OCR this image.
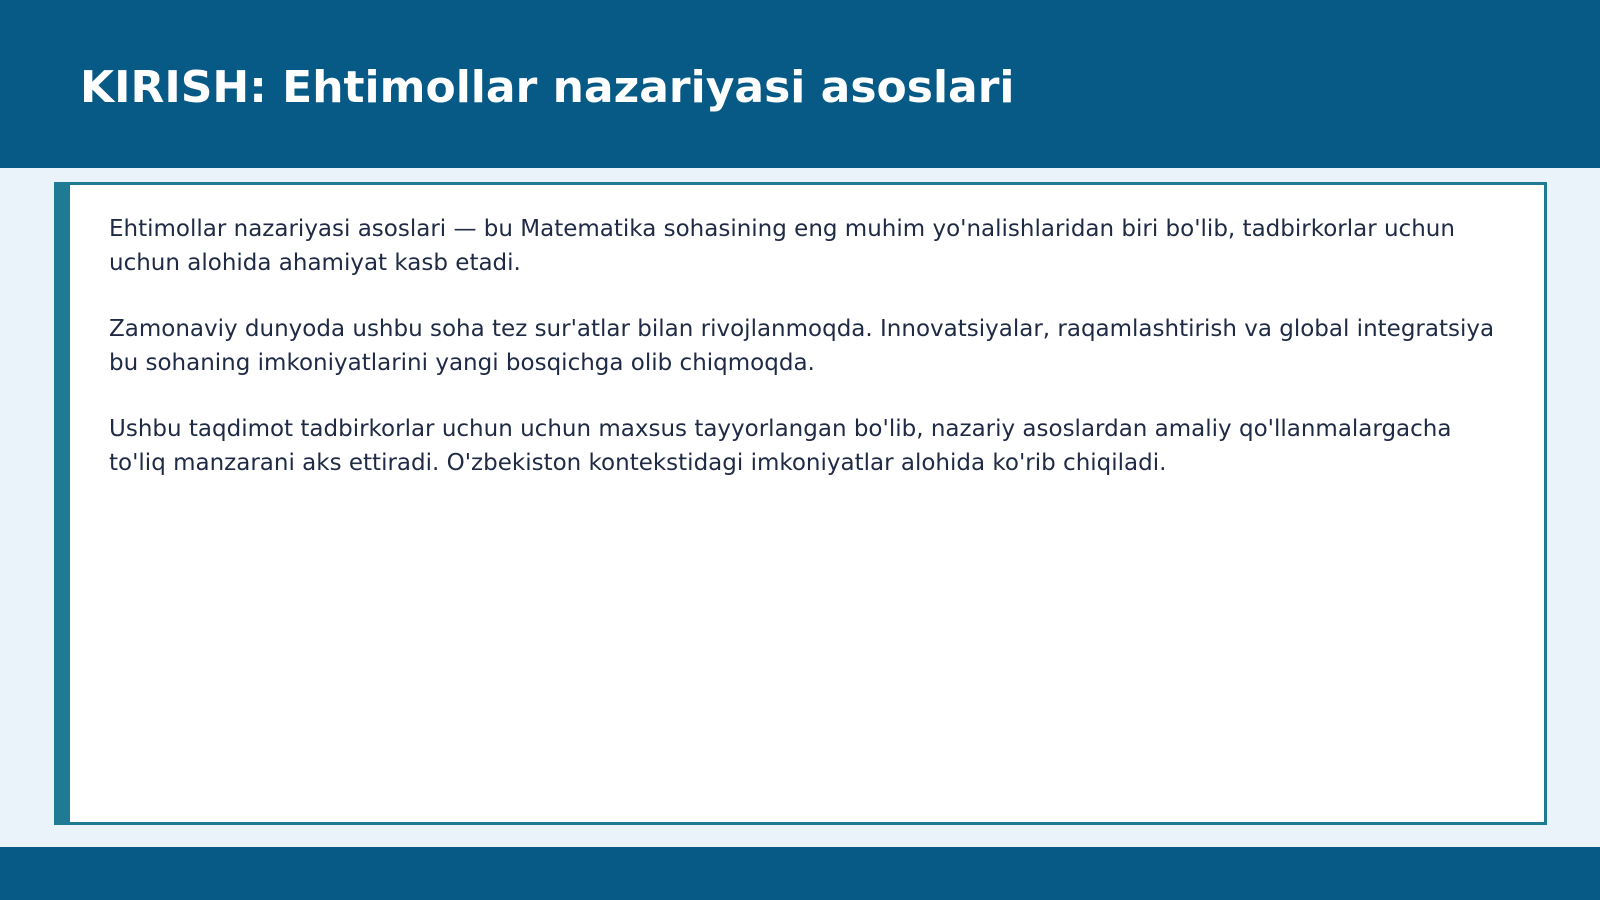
KIRISH: Ehtimollar nazariyasi asoslari

Ehtimollar nazariyasi asoslari — bu Matematika sohasining eng muhim yo'nalishlaridan biri bo'lib, tadbirkorlar uchun uchun alohida ahamiyat kasb etadi.

Zamonaviy dunyoda ushbu soha tez sur'atlar bilan rivojlanmoqda. Innovatsiyalar, raqamlashtirish va global integratsiya bu sohaning imkoniyatlarini yangi bosqichga olib chiqmoqda.

Ushbu taqdimot tadbirkorlar uchun uchun maxsus tayyorlangan bo'lib, nazariy asoslardan amaliy qo'llanmalargacha to'liq manzarani aks ettiradi. O'zbekiston kontekstidagi imkoniyatlar alohida ko'rib chiqiladi.
